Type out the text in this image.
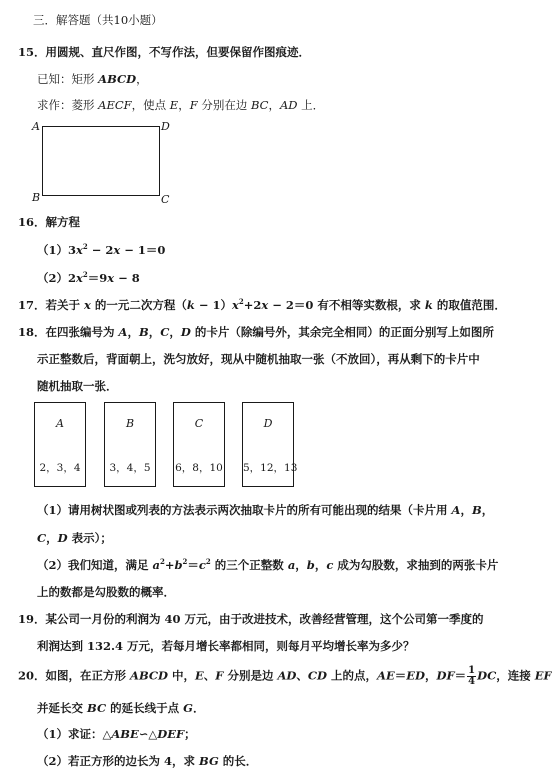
三．解答题（共10小题）
15．用圆规、直尺作图，不写作法，但要保留作图痕迹．
已知：矩形 ABCD，
求作：菱形 AECF，使点 E，F 分别在边 BC，AD 上．
A	D
B	C
16．解方程
$(1)3x^2 - 2x - 1=0$
$(2)2x^2=9x - 8$
17．若关于 x 的一元二次方程$(k - 1)x^2+2x - 2=0$ 有不相等实数根，求 k 的取值范围．
18．在四张编号为 A，B，C，D 的卡片（除编号外，其余完全相同）的正面分别写上如图所
示正整数后，背面朝上，洗匀放好，现从中随机抽取一张（不放回），再从剩下的卡片中
随机抽取一张．
A
2，3，4
B
3，4，5
C
6，8，10
D
5，12，13
（1）请用树状图或列表的方法表示两次抽取卡片的所有可能出现的结果（卡片用 A，B，
C，D 表示）；
（2）我们知道，满足 $a^2+b^2=c^2$ 的三个正整数 a，b，c 成为勾股数，求抽到的两张卡片
上的数都是勾股数的概率．
19．某公司一月份的利润为 40 万元，由于改进技术，改善经营管理，这个公司第一季度的
利润达到 132.4 万元，若每月增长率都相同，则每月平均增长率为多少？
20．如图，在正方形 ABCD 中，E、F 分别是边 AD、CD 上的点，AE＝ED，$DF= \frac{1}{4}$ DC，连接 EF
并延长交 BC 的延长线于点 G．
（1）求证：△ABE∽△DEF；
（2）若正方形的边长为 4，求 BG 的长．
